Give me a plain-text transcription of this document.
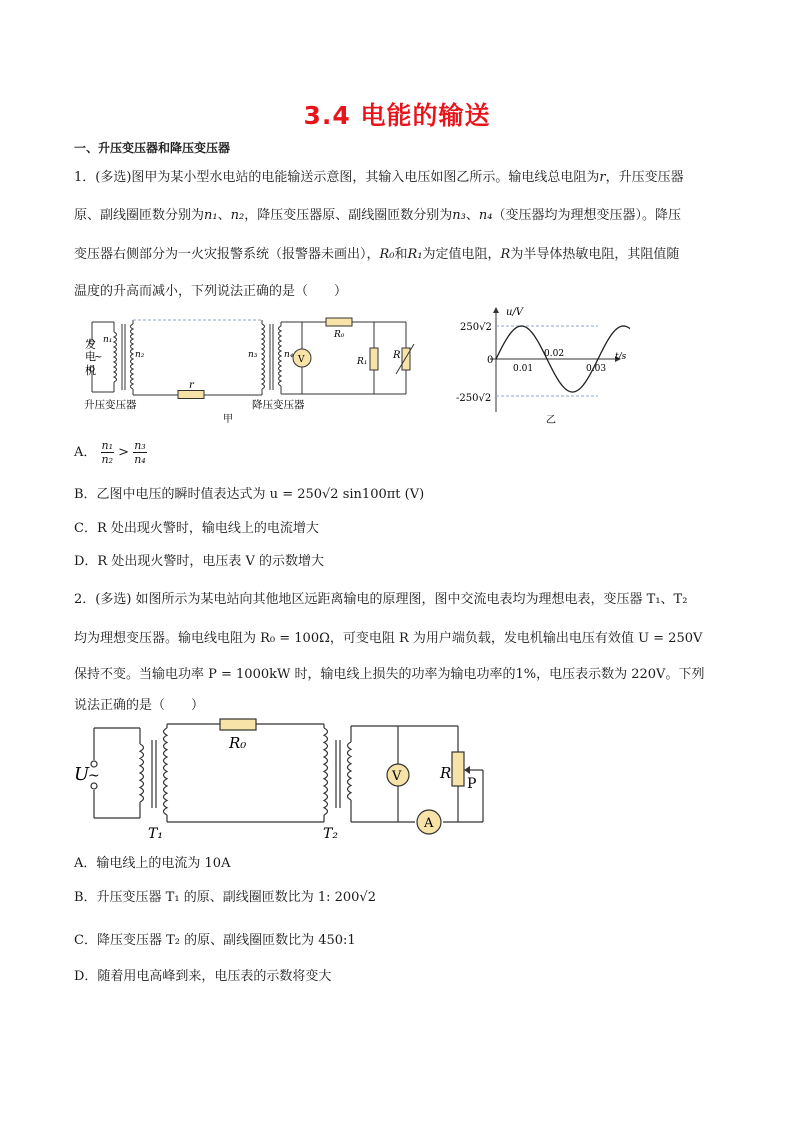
3.4 电能的输送
一、升压变压器和降压变压器
1．(多选)图甲为某小型水电站的电能输送示意图，其输入电压如图乙所示。输电线总电阻为r，升压变压器
原、副线圈匝数分别为n₁、n₂，降压变压器原、副线圈匝数分别为n₃、n₄（变压器均为理想变压器）。降压
变压器右侧部分为一火灾报警系统（报警器未画出），R₀和R₁为定值电阻，R为半导体热敏电阻，其阻值随
温度的升高而减小，下列说法正确的是（　　）
发
电
~
机
n₁
n₂	n₃	n₄
r
R₀
R₁
R
V
升压变压器	降压变压器
甲
u/V
t/s
250√2
-250√2
0
0.01
0.02
0.03
乙
A． $\frac{\text{n₁}}{\text{n₂}} > \frac{\text{n₃}}{\text{n₄}}$
B．乙图中电压的瞬时值表达式为 u = 250√2 sin100πt (V)
C．R 处出现火警时，输电线上的电流增大
D．R 处出现火警时，电压表 V 的示数增大
2．(多选) 如图所示为某电站向其他地区远距离输电的原理图，图中交流电表均为理想电表，变压器 T₁、T₂
均为理想变压器。输电线电阻为 R₀ = 100Ω，可变电阻 R 为用户端负载，发电机输出电压有效值 U = 250V
保持不变。当输电功率 P = 1000kW 时，输电线上损失的功率为输电功率的1%，电压表示数为 220V。下列
说法正确的是（　　）
U
~
R₀
T₁	T₂
V	R
P
A
A．输电线上的电流为 10A
B．升压变压器 T₁ 的原、副线圈匝数比为 1: 200√2
C．降压变压器 T₂ 的原、副线圈匝数比为 450:1
D．随着用电高峰到来，电压表的示数将变大
